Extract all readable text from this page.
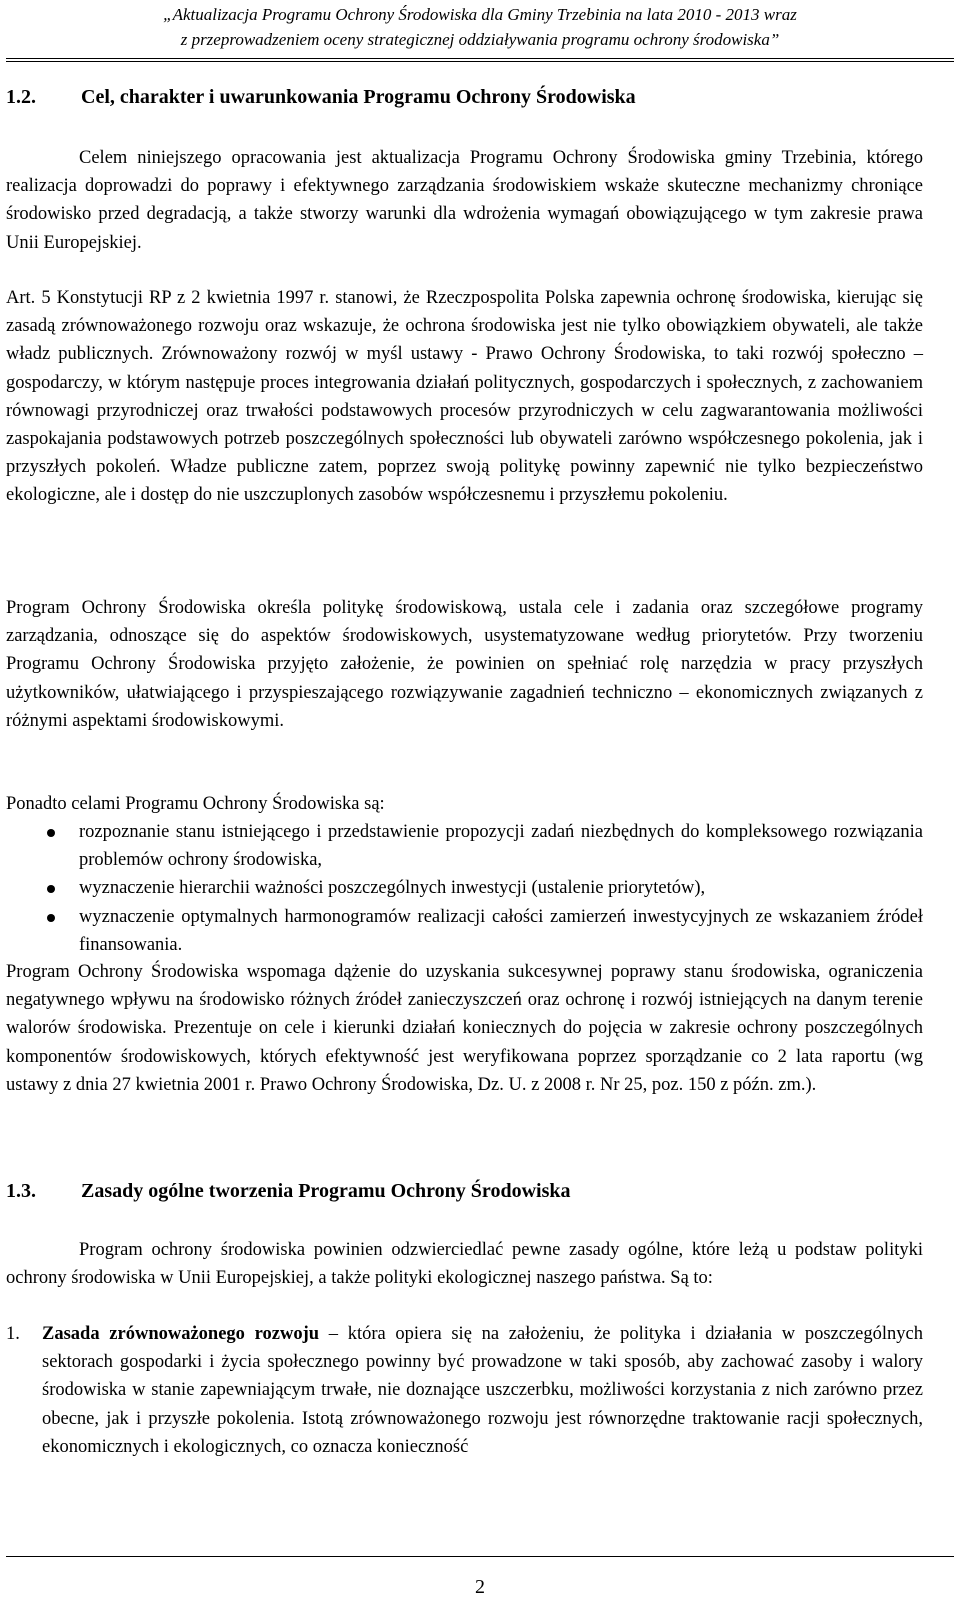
„Aktualizacja Programu Ochrony Środowiska dla Gminy Trzebinia na lata 2010 - 2013 wraz
z przeprowadzeniem oceny strategicznej oddziaływania programu ochrony środowiska”
1.2. Cel, charakter i uwarunkowania Programu Ochrony Środowiska
Celem niniejszego opracowania jest aktualizacja Programu Ochrony Środowiska gminy Trzebinia, którego realizacja doprowadzi do poprawy i efektywnego zarządzania środowiskiem wskaże skuteczne mechanizmy chroniące środowisko przed degradacją, a także stworzy warunki dla wdrożenia wymagań obowiązującego w tym zakresie prawa Unii Europejskiej.
Art. 5 Konstytucji RP z 2 kwietnia 1997 r. stanowi, że Rzeczpospolita Polska zapewnia ochronę środowiska, kierując się zasadą zrównoważonego rozwoju oraz wskazuje, że ochrona środowiska jest nie tylko obowiązkiem obywateli, ale także władz publicznych. Zrównoważony rozwój w myśl ustawy - Prawo Ochrony Środowiska, to taki rozwój społeczno – gospodarczy, w którym następuje proces integrowania działań politycznych, gospodarczych i społecznych, z zachowaniem równowagi przyrodniczej oraz trwałości podstawowych procesów przyrodniczych w celu zagwarantowania możliwości zaspokajania podstawowych potrzeb poszczególnych społeczności lub obywateli zarówno współczesnego pokolenia, jak i przyszłych pokoleń. Władze publiczne zatem, poprzez swoją politykę powinny zapewnić nie tylko bezpieczeństwo ekologiczne, ale i dostęp do nie uszczuplonych zasobów współczesnemu i przyszłemu pokoleniu.
Program Ochrony Środowiska określa politykę środowiskową, ustala cele i zadania oraz szczegółowe programy zarządzania, odnoszące się do aspektów środowiskowych, usystematyzowane według priorytetów. Przy tworzeniu Programu Ochrony Środowiska przyjęto założenie, że powinien on spełniać rolę narzędzia w pracy przyszłych użytkowników, ułatwiającego i przyspieszającego rozwiązywanie zagadnień techniczno – ekonomicznych związanych z różnymi aspektami środowiskowymi.
Ponadto celami Programu Ochrony Środowiska są:
rozpoznanie stanu istniejącego i przedstawienie propozycji zadań niezbędnych do kompleksowego rozwiązania problemów ochrony środowiska,
wyznaczenie hierarchii ważności poszczególnych inwestycji (ustalenie priorytetów),
wyznaczenie optymalnych harmonogramów realizacji całości zamierzeń inwestycyjnych ze wskazaniem źródeł finansowania.
Program Ochrony Środowiska wspomaga dążenie do uzyskania sukcesywnej poprawy stanu środowiska, ograniczenia negatywnego wpływu na środowisko różnych źródeł zanieczyszczeń oraz ochronę i rozwój istniejących na danym terenie walorów środowiska. Prezentuje on cele i kierunki działań koniecznych do pojęcia w zakresie ochrony poszczególnych komponentów środowiskowych, których efektywność jest weryfikowana poprzez sporządzanie co 2 lata raportu (wg ustawy z dnia 27 kwietnia 2001 r. Prawo Ochrony Środowiska, Dz. U. z 2008 r. Nr 25, poz. 150 z późn. zm.).
1.3. Zasady ogólne tworzenia Programu Ochrony Środowiska
Program ochrony środowiska powinien odzwierciedlać pewne zasady ogólne, które leżą u podstaw polityki ochrony środowiska w Unii Europejskiej, a także polityki ekologicznej naszego państwa. Są to:
1.	Zasada zrównoważonego rozwoju – która opiera się na założeniu, że polityka i działania w poszczególnych sektorach gospodarki i życia społecznego powinny być prowadzone w taki sposób, aby zachować zasoby i walory środowiska w stanie zapewniającym trwałe, nie doznające uszczerbku, możliwości korzystania z nich zarówno przez obecne, jak i przyszłe pokolenia. Istotą zrównoważonego rozwoju jest równorzędne traktowanie racji społecznych, ekonomicznych i ekologicznych, co oznacza konieczność
2
